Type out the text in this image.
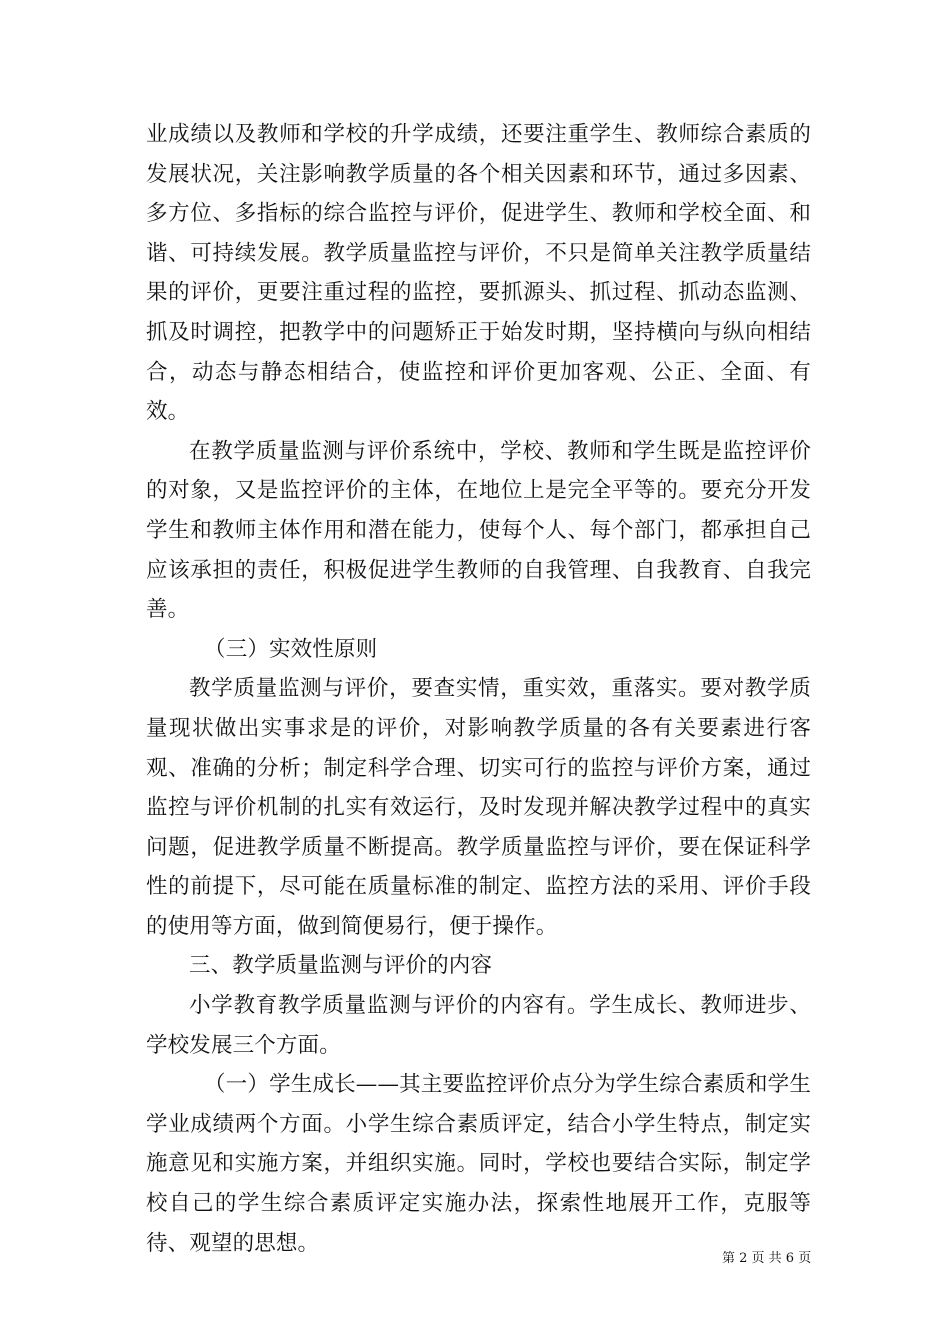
业成绩以及教师和学校的升学成绩，还要注重学生、教师综合素质的发展状况，关注影响教学质量的各个相关因素和环节，通过多因素、多方位、多指标的综合监控与评价，促进学生、教师和学校全面、和谐、可持续发展。教学质量监控与评价，不只是简单关注教学质量结果的评价，更要注重过程的监控，要抓源头、抓过程、抓动态监测、抓及时调控，把教学中的问题矫正于始发时期，坚持横向与纵向相结合，动态与静态相结合，使监控和评价更加客观、公正、全面、有效。

在教学质量监测与评价系统中，学校、教师和学生既是监控评价的对象，又是监控评价的主体，在地位上是完全平等的。要充分开发学生和教师主体作用和潜在能力，使每个人、每个部门，都承担自己应该承担的责任，积极促进学生教师的自我管理、自我教育、自我完善。

（三）实效性原则

教学质量监测与评价，要查实情，重实效，重落实。要对教学质量现状做出实事求是的评价，对影响教学质量的各有关要素进行客观、准确的分析；制定科学合理、切实可行的监控与评价方案，通过监控与评价机制的扎实有效运行，及时发现并解决教学过程中的真实问题，促进教学质量不断提高。教学质量监控与评价，要在保证科学性的前提下，尽可能在质量标准的制定、监控方法的采用、评价手段的使用等方面，做到简便易行，便于操作。

三、教学质量监测与评价的内容

小学教育教学质量监测与评价的内容有。学生成长、教师进步、学校发展三个方面。

（一）学生成长——其主要监控评价点分为学生综合素质和学生学业成绩两个方面。小学生综合素质评定，结合小学生特点，制定实施意见和实施方案，并组织实施。同时，学校也要结合实际，制定学校自己的学生综合素质评定实施办法，探索性地展开工作，克服等待、观望的思想。

第 2 页 共 6 页
